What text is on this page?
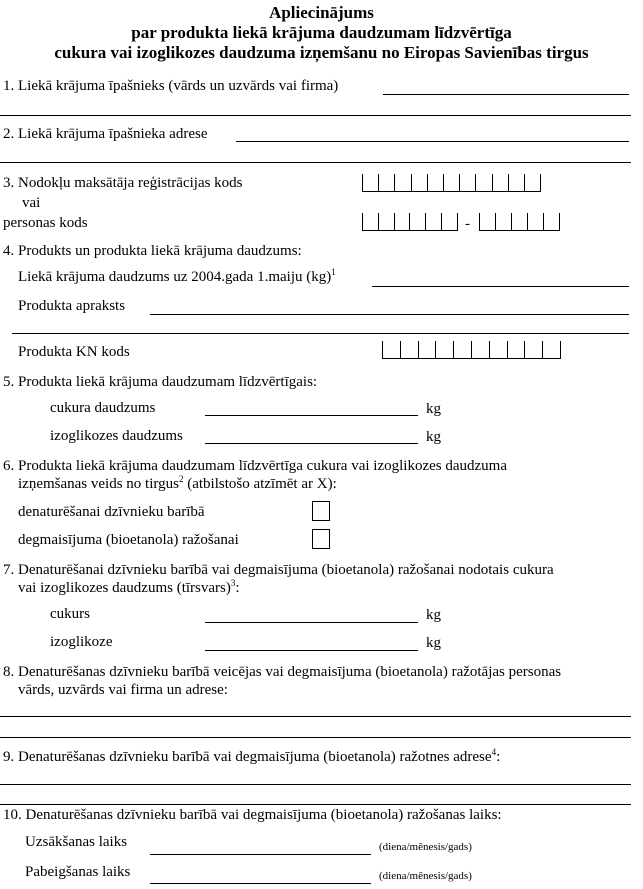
Apliecinājums
par produkta liekā krājuma daudzumam līdzvērtīga
cukura vai izoglikozes daudzuma izņemšanu no Eiropas Savienības tirgus
1. Liekā krājuma īpašnieks (vārds un uzvārds vai firma)
2. Liekā krājuma īpašnieka adrese
3. Nodokļu maksātāja reģistrācijas kods
vai
personas kods	-
4. Produkts un produkta liekā krājuma daudzums:
Liekā krājuma daudzums uz 2004.gada 1.maiju (kg)$^1$
Produkta apraksts
Produkta KN kods
5. Produkta liekā krājuma daudzumam līdzvērtīgais:
cukura daudzums	kg
izoglikozes daudzums	kg
6. Produkta liekā krājuma daudzumam līdzvērtīga cukura vai izoglikozes daudzuma
izņemšanas veids no tirgus$^2$ (atbilstošo atzīmēt ar X):
denaturēšanai dzīvnieku barībā
degmaisījuma (bioetanola) ražošanai
7. Denaturēšanai dzīvnieku barībā vai degmaisījuma (bioetanola) ražošanai nodotais cukura
vai izoglikozes daudzums (tīrsvars)$^3$:
cukurs	kg
izoglikoze	kg
8. Denaturēšanas dzīvnieku barībā veicējas vai degmaisījuma (bioetanola) ražotājas personas
vārds, uzvārds vai firma un adrese:
9. Denaturēšanas dzīvnieku barībā vai degmaisījuma (bioetanola) ražotnes adrese$^4$:
10. Denaturēšanas dzīvnieku barībā vai degmaisījuma (bioetanola) ražošanas laiks:
Uzsākšanas laiks	(diena/mēnesis/gads)
Pabeigšanas laiks	(diena/mēnesis/gads)
